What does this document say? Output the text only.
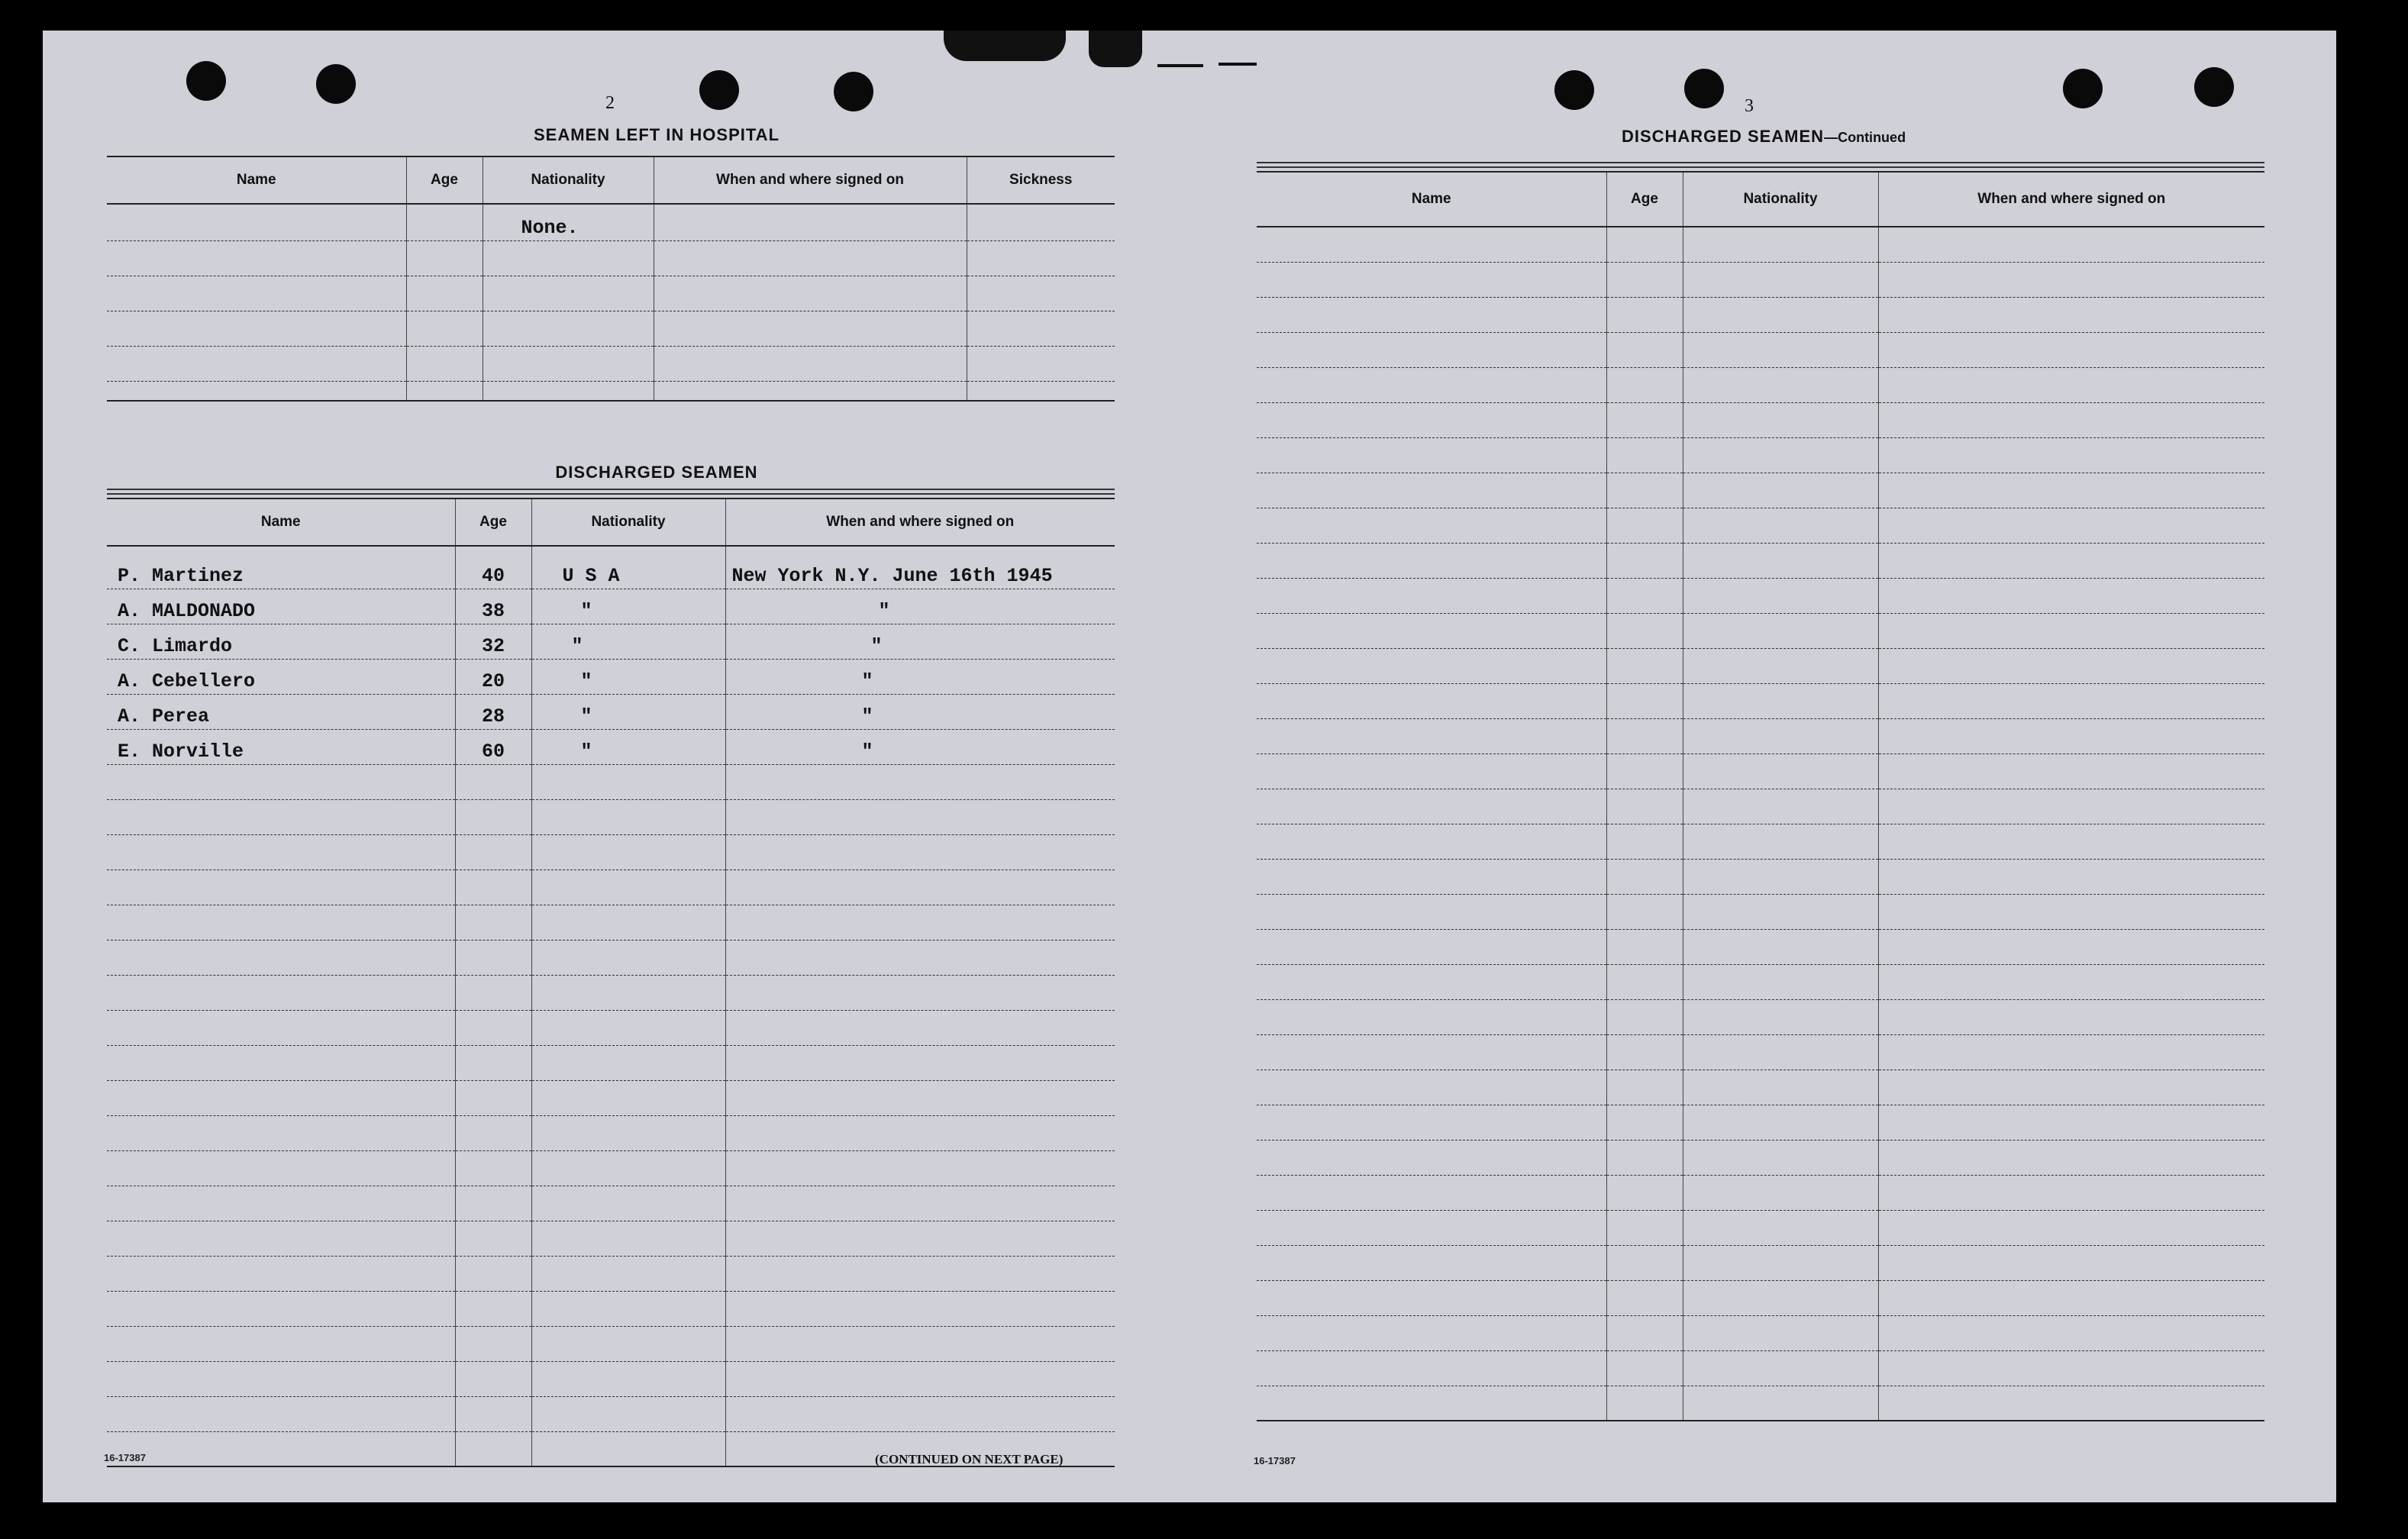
2
SEAMEN LEFT IN HOSPITAL
Name	Age	Nationality	When and where signed on	Sickness
		None.		

DISCHARGED SEAMEN
Name	Age	Nationality	When and where signed on
P. Martinez	40	U S A	New York N.Y. June 16th 1945
A. MALDONADO	38	"	"
C. Limardo	32	"	"
A. Cebellero	20	"	"
A. Perea	28	"	"
E. Norville	60	"	"

16-17387	(CONTINUED ON NEXT PAGE)
3
DISCHARGED SEAMEN—Continued
Name	Age	Nationality	When and where signed on

16-17387
